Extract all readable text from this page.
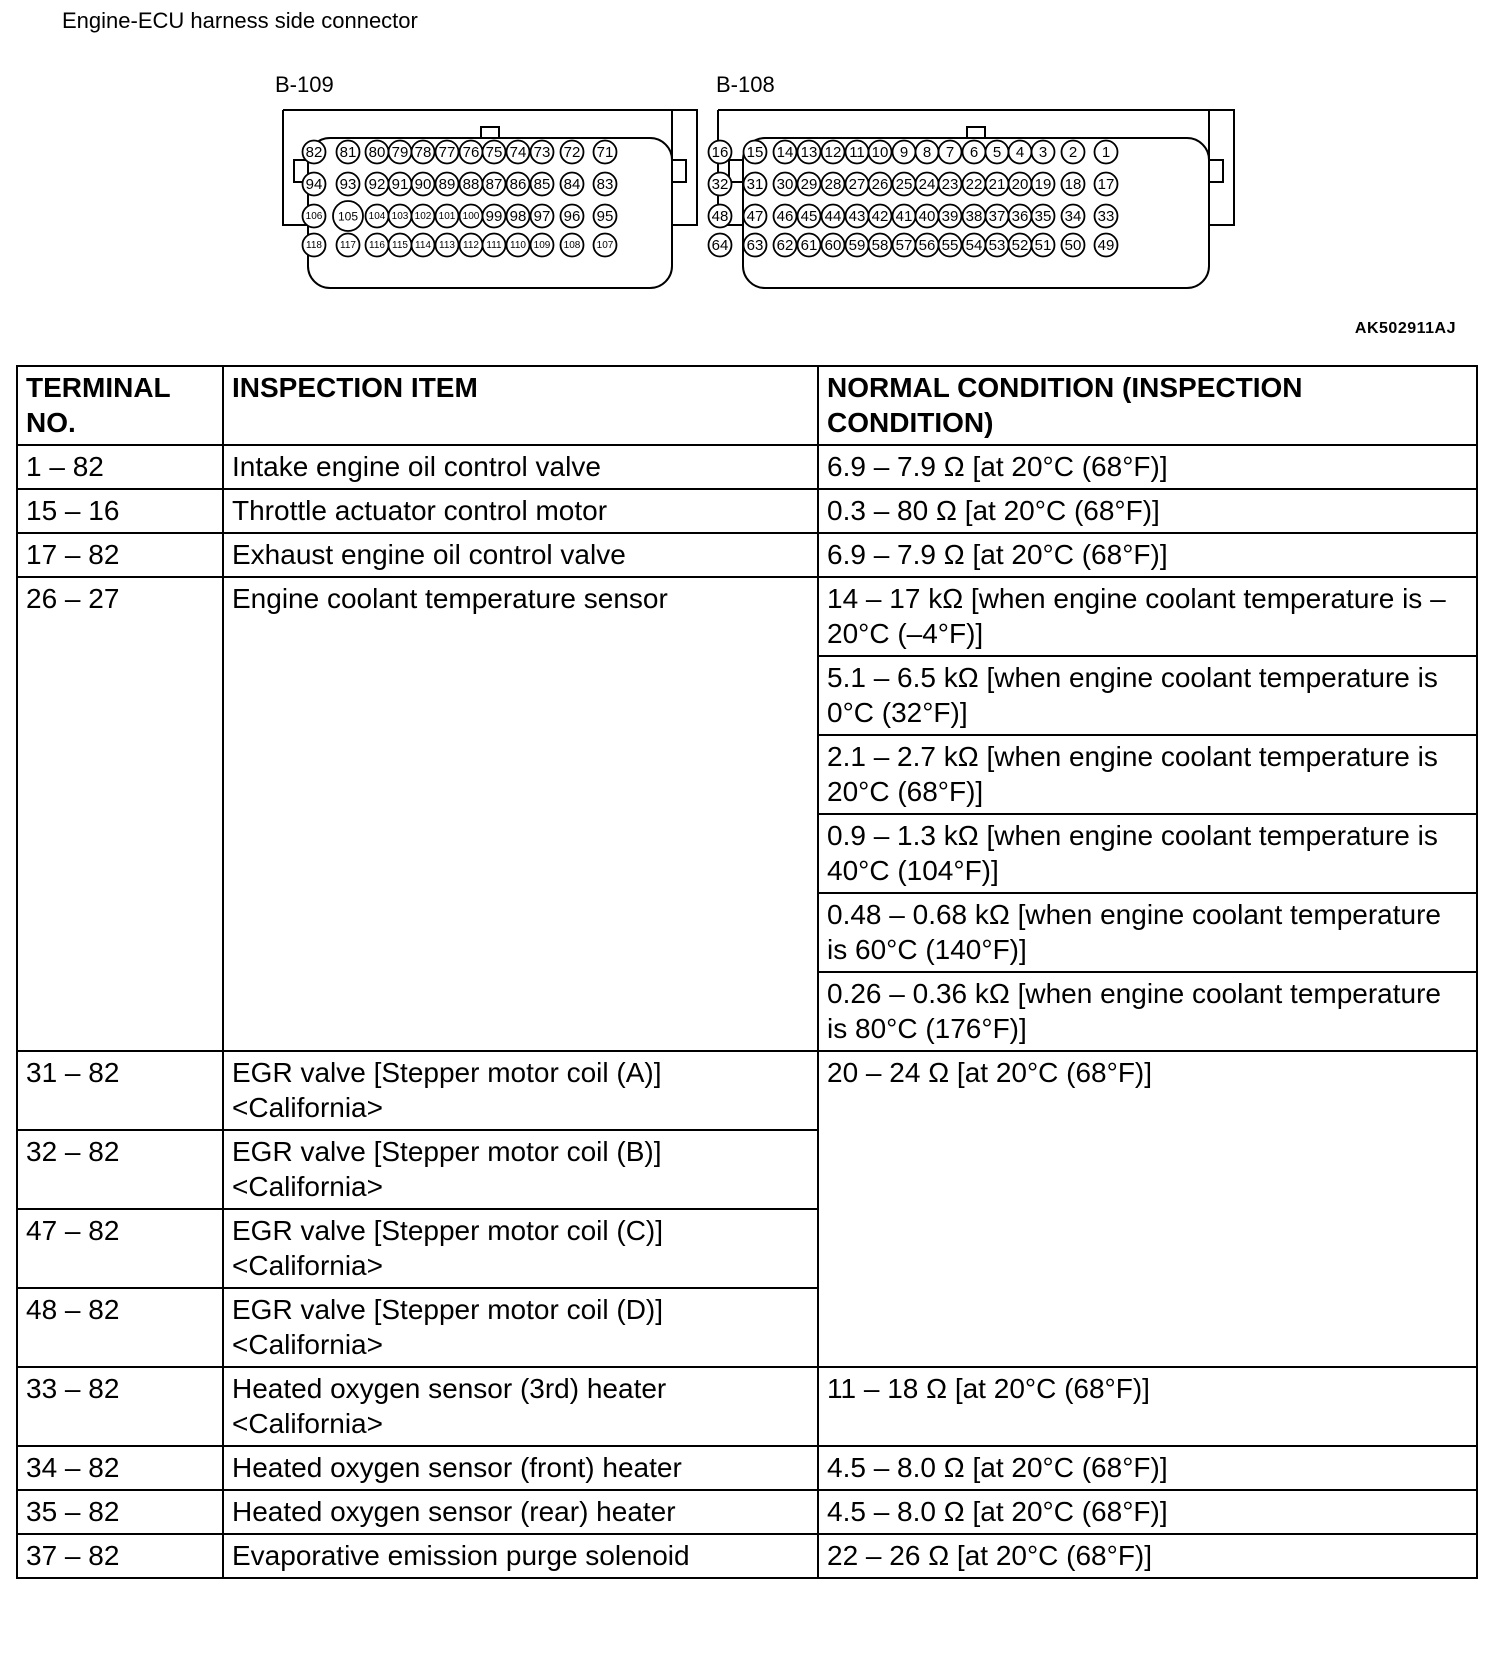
Engine-ECU harness side connector
B-109
82 81 80 79 78 77 76 75 74 73 72 71
94 93 92 91 90 89 88 87 86 85 84 83
106 105 104 103 102 101 100 99 98 97 96 95
118 117 116 115 114 113 112 111 110 109 108 107
B-108
16 15 14 13 12 11 10 9 8 7 6 5 4 3 2 1
32 31 30 29 28 27 26 25 24 23 22 21 20 19 18 17
48 47 46 45 44 43 42 41 40 39 38 37 36 35 34 33
64 63 62 61 60 59 58 57 56 55 54 53 52 51 50 49
AK502911AJ
TERMINAL NO.	INSPECTION ITEM	NORMAL CONDITION (INSPECTION CONDITION)
1 – 82	Intake engine oil control valve	6.9 – 7.9 Ω [at 20°C (68°F)]
15 – 16	Throttle actuator control motor	0.3 – 80 Ω [at 20°C (68°F)]
17 – 82	Exhaust engine oil control valve	6.9 – 7.9 Ω [at 20°C (68°F)]
26 – 27	Engine coolant temperature sensor	14 – 17 kΩ [when engine coolant temperature is –20°C (–4°F)]
		5.1 – 6.5 kΩ [when engine coolant temperature is 0°C (32°F)]
		2.1 – 2.7 kΩ [when engine coolant temperature is 20°C (68°F)]
		0.9 – 1.3 kΩ [when engine coolant temperature is 40°C (104°F)]
		0.48 – 0.68 kΩ [when engine coolant temperature is 60°C (140°F)]
		0.26 – 0.36 kΩ [when engine coolant temperature is 80°C (176°F)]
31 – 82	EGR valve [Stepper motor coil (A)] <California>	20 – 24 Ω [at 20°C (68°F)]
32 – 82	EGR valve [Stepper motor coil (B)] <California>	
47 – 82	EGR valve [Stepper motor coil (C)] <California>	
48 – 82	EGR valve [Stepper motor coil (D)] <California>	
33 – 82	Heated oxygen sensor (3rd) heater <California>	11 – 18 Ω [at 20°C (68°F)]
34 – 82	Heated oxygen sensor (front) heater	4.5 – 8.0 Ω [at 20°C (68°F)]
35 – 82	Heated oxygen sensor (rear) heater	4.5 – 8.0 Ω [at 20°C (68°F)]
37 – 82	Evaporative emission purge solenoid	22 – 26 Ω [at 20°C (68°F)]
